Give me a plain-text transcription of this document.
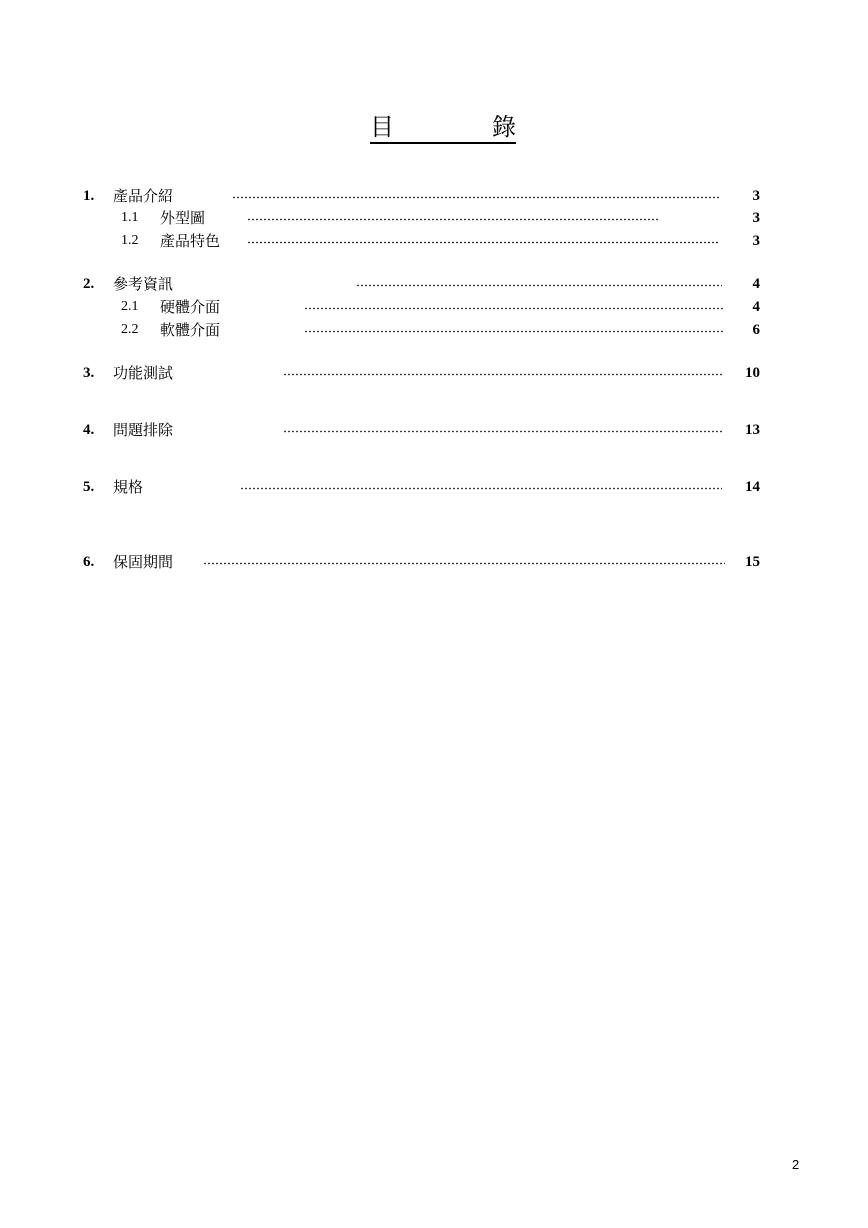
目	錄
1. 產品介紹	3
1.1 外型圖	3
1.2 產品特色	3
2. 參考資訊	4
2.1 硬體介面	4
2.2 軟體介面	6
3. 功能測試	10
4. 問題排除	13
5. 規格	14
6. 保固期間	15
2
